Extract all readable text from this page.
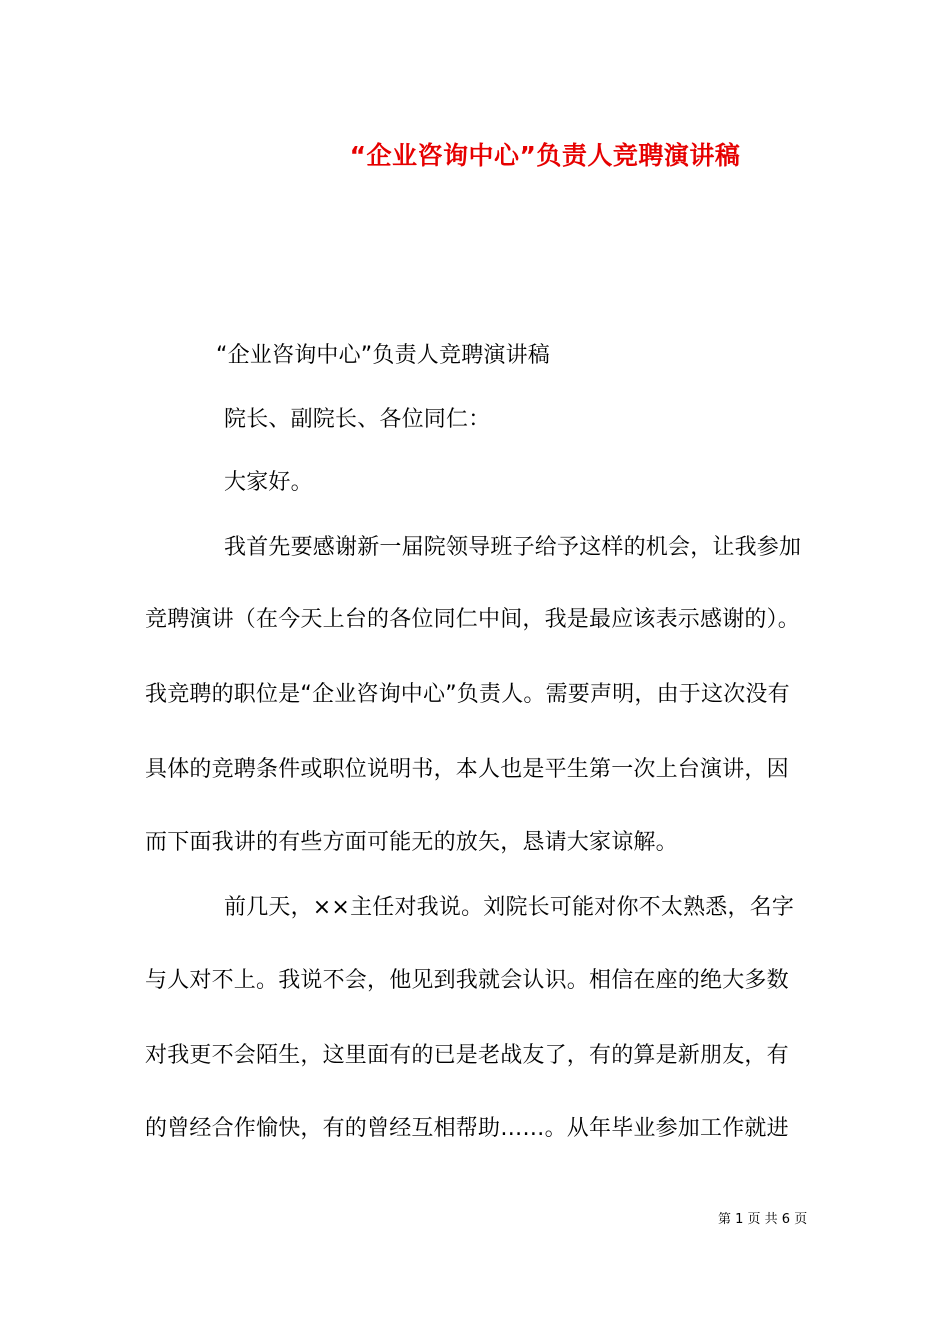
“企业咨询中心”负责人竞聘演讲稿
“企业咨询中心”负责人竞聘演讲稿
院长、副院长、各位同仁：
大家好。
我首先要感谢新一届院领导班子给予这样的机会，让我参加
竞聘演讲（在今天上台的各位同仁中间，我是最应该表示感谢的）。
我竞聘的职位是“企业咨询中心”负责人。需要声明，由于这次没有
具体的竞聘条件或职位说明书，本人也是平生第一次上台演讲，因
而下面我讲的有些方面可能无的放矢，恳请大家谅解。
前几天，××主任对我说。刘院长可能对你不太熟悉，名字
与人对不上。我说不会，他见到我就会认识。相信在座的绝大多数
对我更不会陌生，这里面有的已是老战友了，有的算是新朋友，有
的曾经合作愉快，有的曾经互相帮助……。从年毕业参加工作就进
第 1 页 共 6 页
